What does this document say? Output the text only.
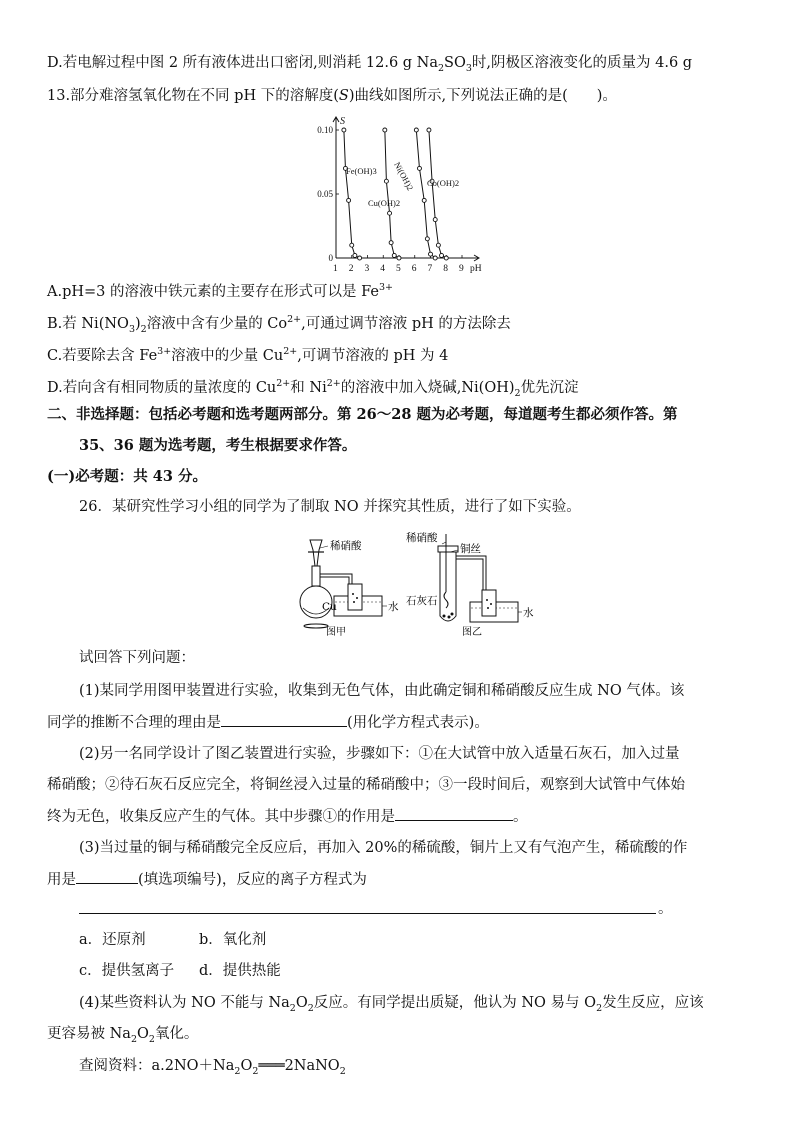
D.若电解过程中图 2 所有液体进出口密闭,则消耗 12.6 g $Na_2SO_3$时,阴极区溶液变化的质量为 4.6 g
13.部分难溶氢氧化物在不同 pH 下的溶解度(S)曲线如图所示,下列说法正确的是(　　)。
S
pH
1 2 3 4 5 6 7 8 9
0
0.05
0.10
Fe(OH)3
Cu(OH)2
Ni(OH)2 Co(OH)2
A.pH=3 的溶液中铁元素的主要存在形式可以是 $Fe^{3+}$
B.若 $Ni(NO_3)_2$溶液中含有少量的 $Co^{2+}$,可通过调节溶液 pH 的方法除去
C.若要除去含 $Fe^{3+}$溶液中的少量 $Cu^{2+}$,可调节溶液的 pH 为 4
D.若向含有相同物质的量浓度的 $Cu^{2+}$和 $Ni^{2+}$的溶液中加入烧碱$,Ni(OH)_2$优先沉淀
二、非选择题：包括必考题和选考题两部分。第 26～28 题为必考题，每道题考生都必须作答。第
35、36 题为选考题，考生根据要求作答。
(一)必考题：共 43 分。
26．某研究性学习小组的同学为了制取 NO 并探究其性质，进行了如下实验。
稀硝酸
Cu	水
图甲
稀硝酸
铜丝
石灰石
水
图乙
试回答下列问题：
(1)某同学用图甲装置进行实验，收集到无色气体，由此确定铜和稀硝酸反应生成 NO 气体。该
同学的推断不合理的理由是	(用化学方程式表示)。
(2)另一名同学设计了图乙装置进行实验，步骤如下：①在大试管中放入适量石灰石，加入过量
稀硝酸；②待石灰石反应完全，将铜丝浸入过量的稀硝酸中；③一段时间后，观察到大试管中气体始
终为无色，收集反应产生的气体。其中步骤①的作用是	。
(3)当过量的铜与稀硝酸完全反应后，再加入 20%的稀硫酸，铜片上又有气泡产生，稀硫酸的作
用是	(填选项编号)，反应的离子方程式为
。
a．还原剂	b．氧化剂
c．提供氢离子 d．提供热能
(4)某些资料认为 NO 不能与 $Na_2O_2$反应。有同学提出质疑，他认为 NO 易与 $O_2$发生反应，应该
更容易被 $Na_2O_2$氧化。
查阅资料：$a.2NO+Na_2O_2═══2NaNO_2$
